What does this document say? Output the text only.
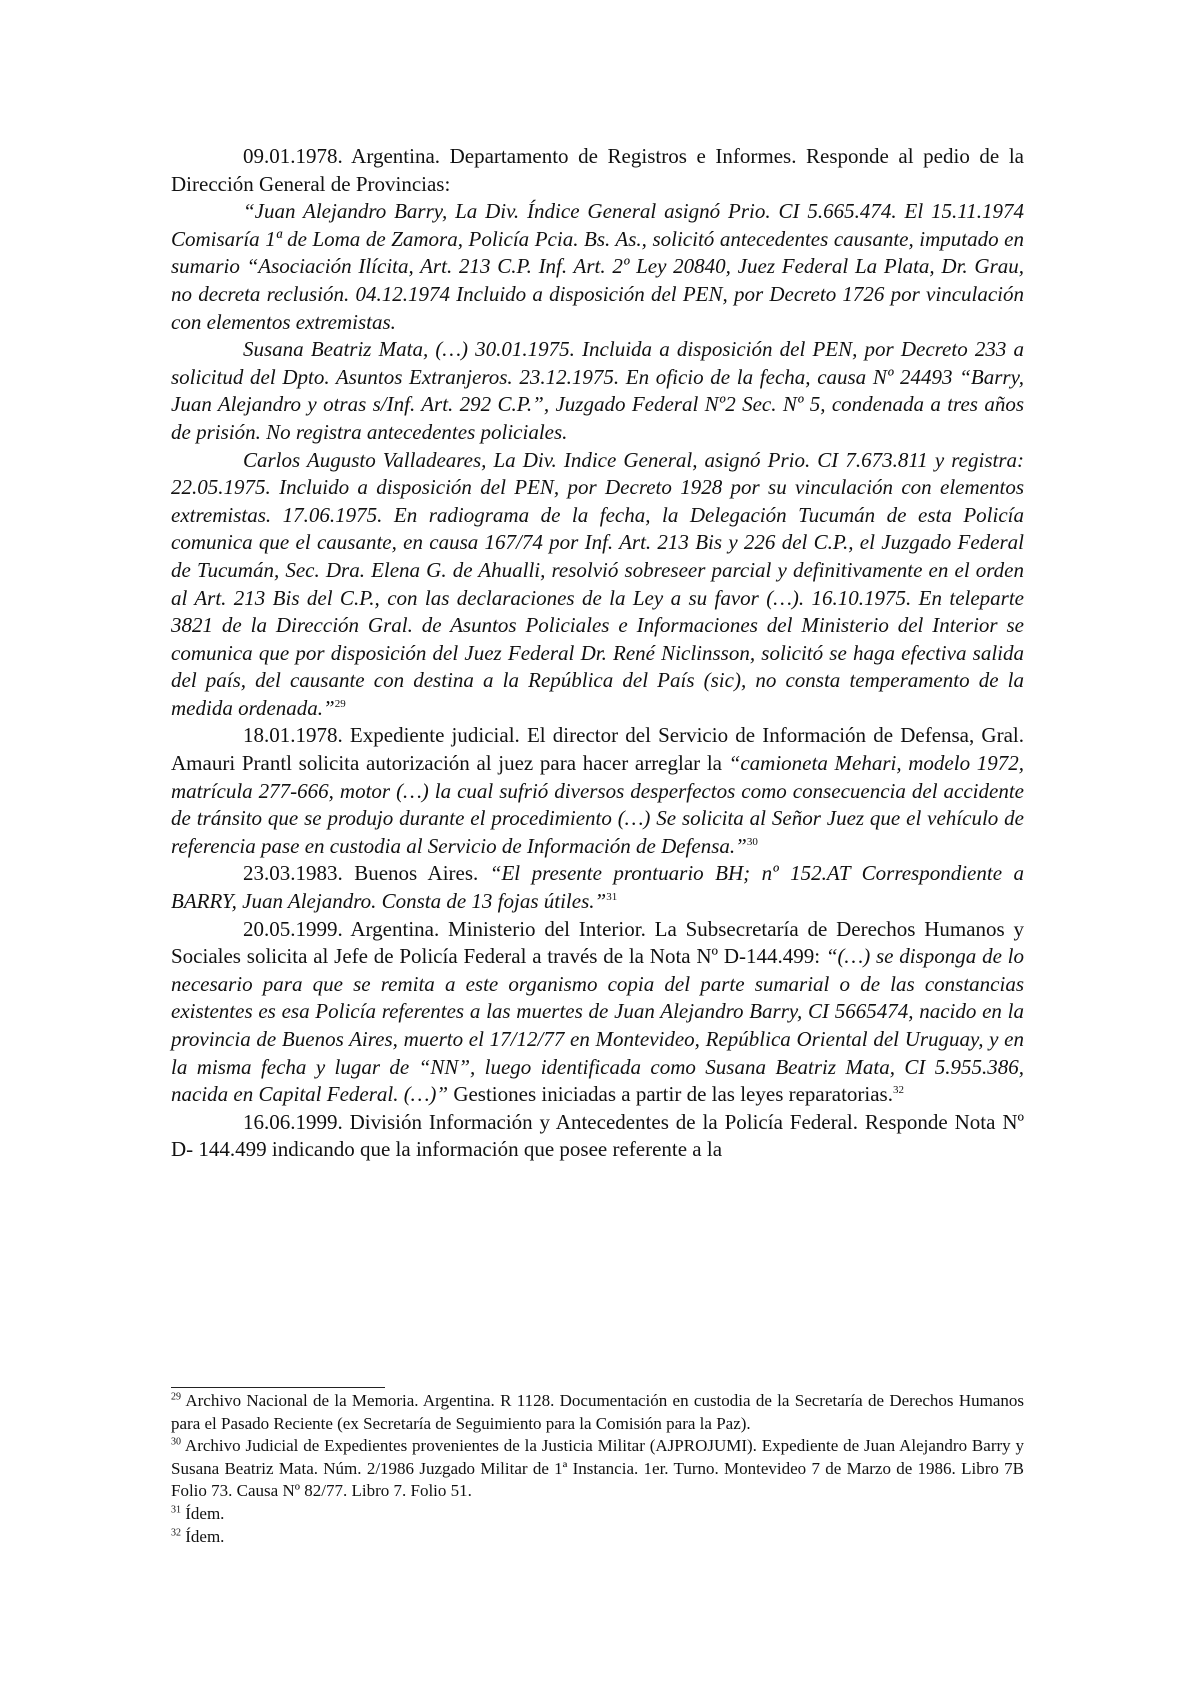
09.01.1978. Argentina. Departamento de Registros e Informes. Responde al pedio de la Dirección General de Provincias:

“Juan Alejandro Barry, La Div. Índice General asignó Prio. CI 5.665.474. El 15.11.1974 Comisaría 1ª de Loma de Zamora, Policía Pcia. Bs. As., solicitó antecedentes causante, imputado en sumario “Asociación Ilícita, Art. 213 C.P. Inf. Art. 2º Ley 20840, Juez Federal La Plata, Dr. Grau, no decreta reclusión. 04.12.1974 Incluido a disposición del PEN, por Decreto 1726 por vinculación con elementos extremistas.

Susana Beatriz Mata, (…) 30.01.1975. Incluida a disposición del PEN, por Decreto 233 a solicitud del Dpto. Asuntos Extranjeros. 23.12.1975. En oficio de la fecha, causa Nº 24493 “Barry, Juan Alejandro y otras s/Inf. Art. 292 C.P.”, Juzgado Federal Nº2 Sec. Nº 5, condenada a tres años de prisión. No registra antecedentes policiales.

Carlos Augusto Valladeares, La Div. Indice General, asignó Prio. CI 7.673.811 y registra: 22.05.1975. Incluido a disposición del PEN, por Decreto 1928 por su vinculación con elementos extremistas. 17.06.1975. En radiograma de la fecha, la Delegación Tucumán de esta Policía comunica que el causante, en causa 167/74 por Inf. Art. 213 Bis y 226 del C.P., el Juzgado Federal de Tucumán, Sec. Dra. Elena G. de Ahualli, resolvió sobreseer parcial y definitivamente en el orden al Art. 213 Bis del C.P., con las declaraciones de la Ley a su favor (…). 16.10.1975. En teleparte 3821 de la Dirección Gral. de Asuntos Policiales e Informaciones del Ministerio del Interior se comunica que por disposición del Juez Federal Dr. René Niclinsson, solicitó se haga efectiva salida del país, del causante con destina a la República del País (sic), no consta temperamento de la medida ordenada.”$^{29}$

18.01.1978. Expediente judicial. El director del Servicio de Información de Defensa, Gral. Amauri Prantl solicita autorización al juez para hacer arreglar la “camioneta Mehari, modelo 1972, matrícula 277-666, motor (…) la cual sufrió diversos desperfectos como consecuencia del accidente de tránsito que se produjo durante el procedimiento (…) Se solicita al Señor Juez que el vehículo de referencia pase en custodia al Servicio de Información de Defensa.”$^{30}$

23.03.1983. Buenos Aires. “El presente prontuario BH; nº 152.AT Correspondiente a BARRY, Juan Alejandro. Consta de 13 fojas útiles.”$^{31}$

20.05.1999. Argentina. Ministerio del Interior. La Subsecretaría de Derechos Humanos y Sociales solicita al Jefe de Policía Federal a través de la Nota Nº D-144.499: “(…) se disponga de lo necesario para que se remita a este organismo copia del parte sumarial o de las constancias existentes es esa Policía referentes a las muertes de Juan Alejandro Barry, CI 5665474, nacido en la provincia de Buenos Aires, muerto el 17/12/77 en Montevideo, República Oriental del Uruguay, y en la misma fecha y lugar de “NN”, luego identificada como Susana Beatriz Mata, CI 5.955.386, nacida en Capital Federal. (…)” Gestiones iniciadas a partir de las leyes reparatorias.$^{32}$

16.06.1999. División Información y Antecedentes de la Policía Federal. Responde Nota Nº D- 144.499 indicando que la información que posee referente a la

$^{29}$ Archivo Nacional de la Memoria. Argentina. R 1128. Documentación en custodia de la Secretaría de Derechos Humanos para el Pasado Reciente (ex Secretaría de Seguimiento para la Comisión para la Paz).

$^{30}$ Archivo Judicial de Expedientes provenientes de la Justicia Militar (AJPROJUMI). Expediente de Juan Alejandro Barry y Susana Beatriz Mata. Núm. 2/1986 Juzgado Militar de 1ª Instancia. 1er. Turno. Montevideo 7 de Marzo de 1986. Libro 7B Folio 73. Causa Nº 82/77. Libro 7. Folio 51.

$^{31}$ Ídem.

$^{32}$ Ídem.
